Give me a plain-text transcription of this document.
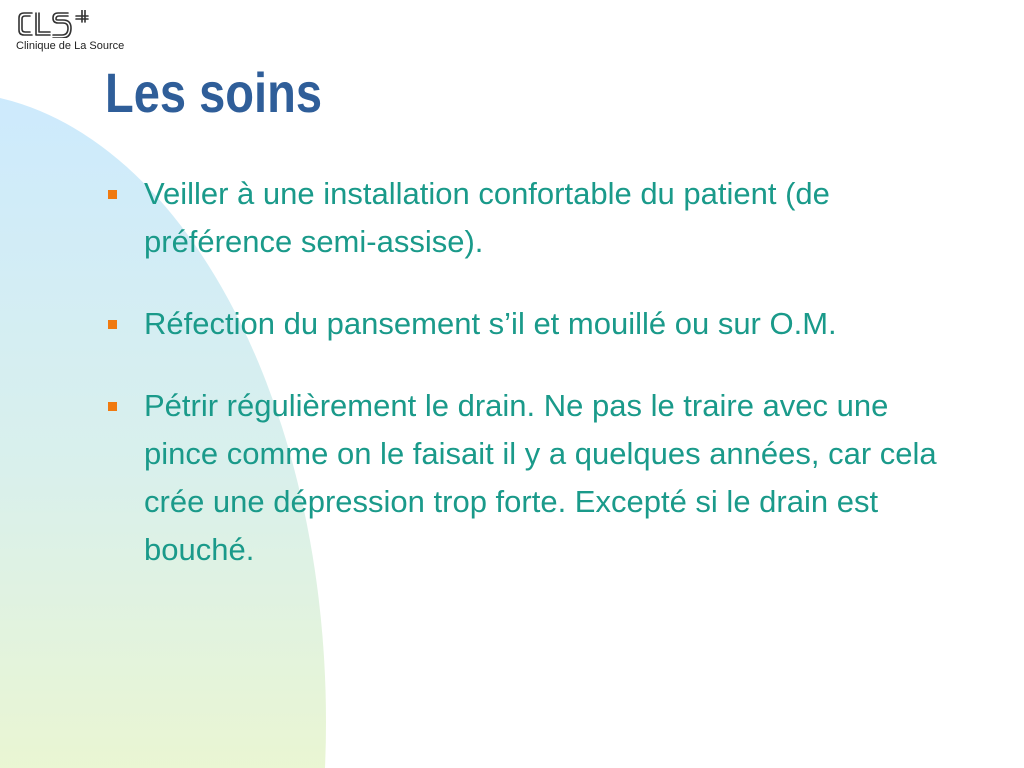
Clinique de La Source
Les soins
Veiller à une installation confortable du patient (de préférence semi-assise).
Réfection du pansement s’il et mouillé ou sur O.M.
Pétrir régulièrement le drain. Ne pas le traire avec une pince comme on le faisait il y a quelques années, car cela crée une dépression trop forte. Excepté si le drain est bouché.
